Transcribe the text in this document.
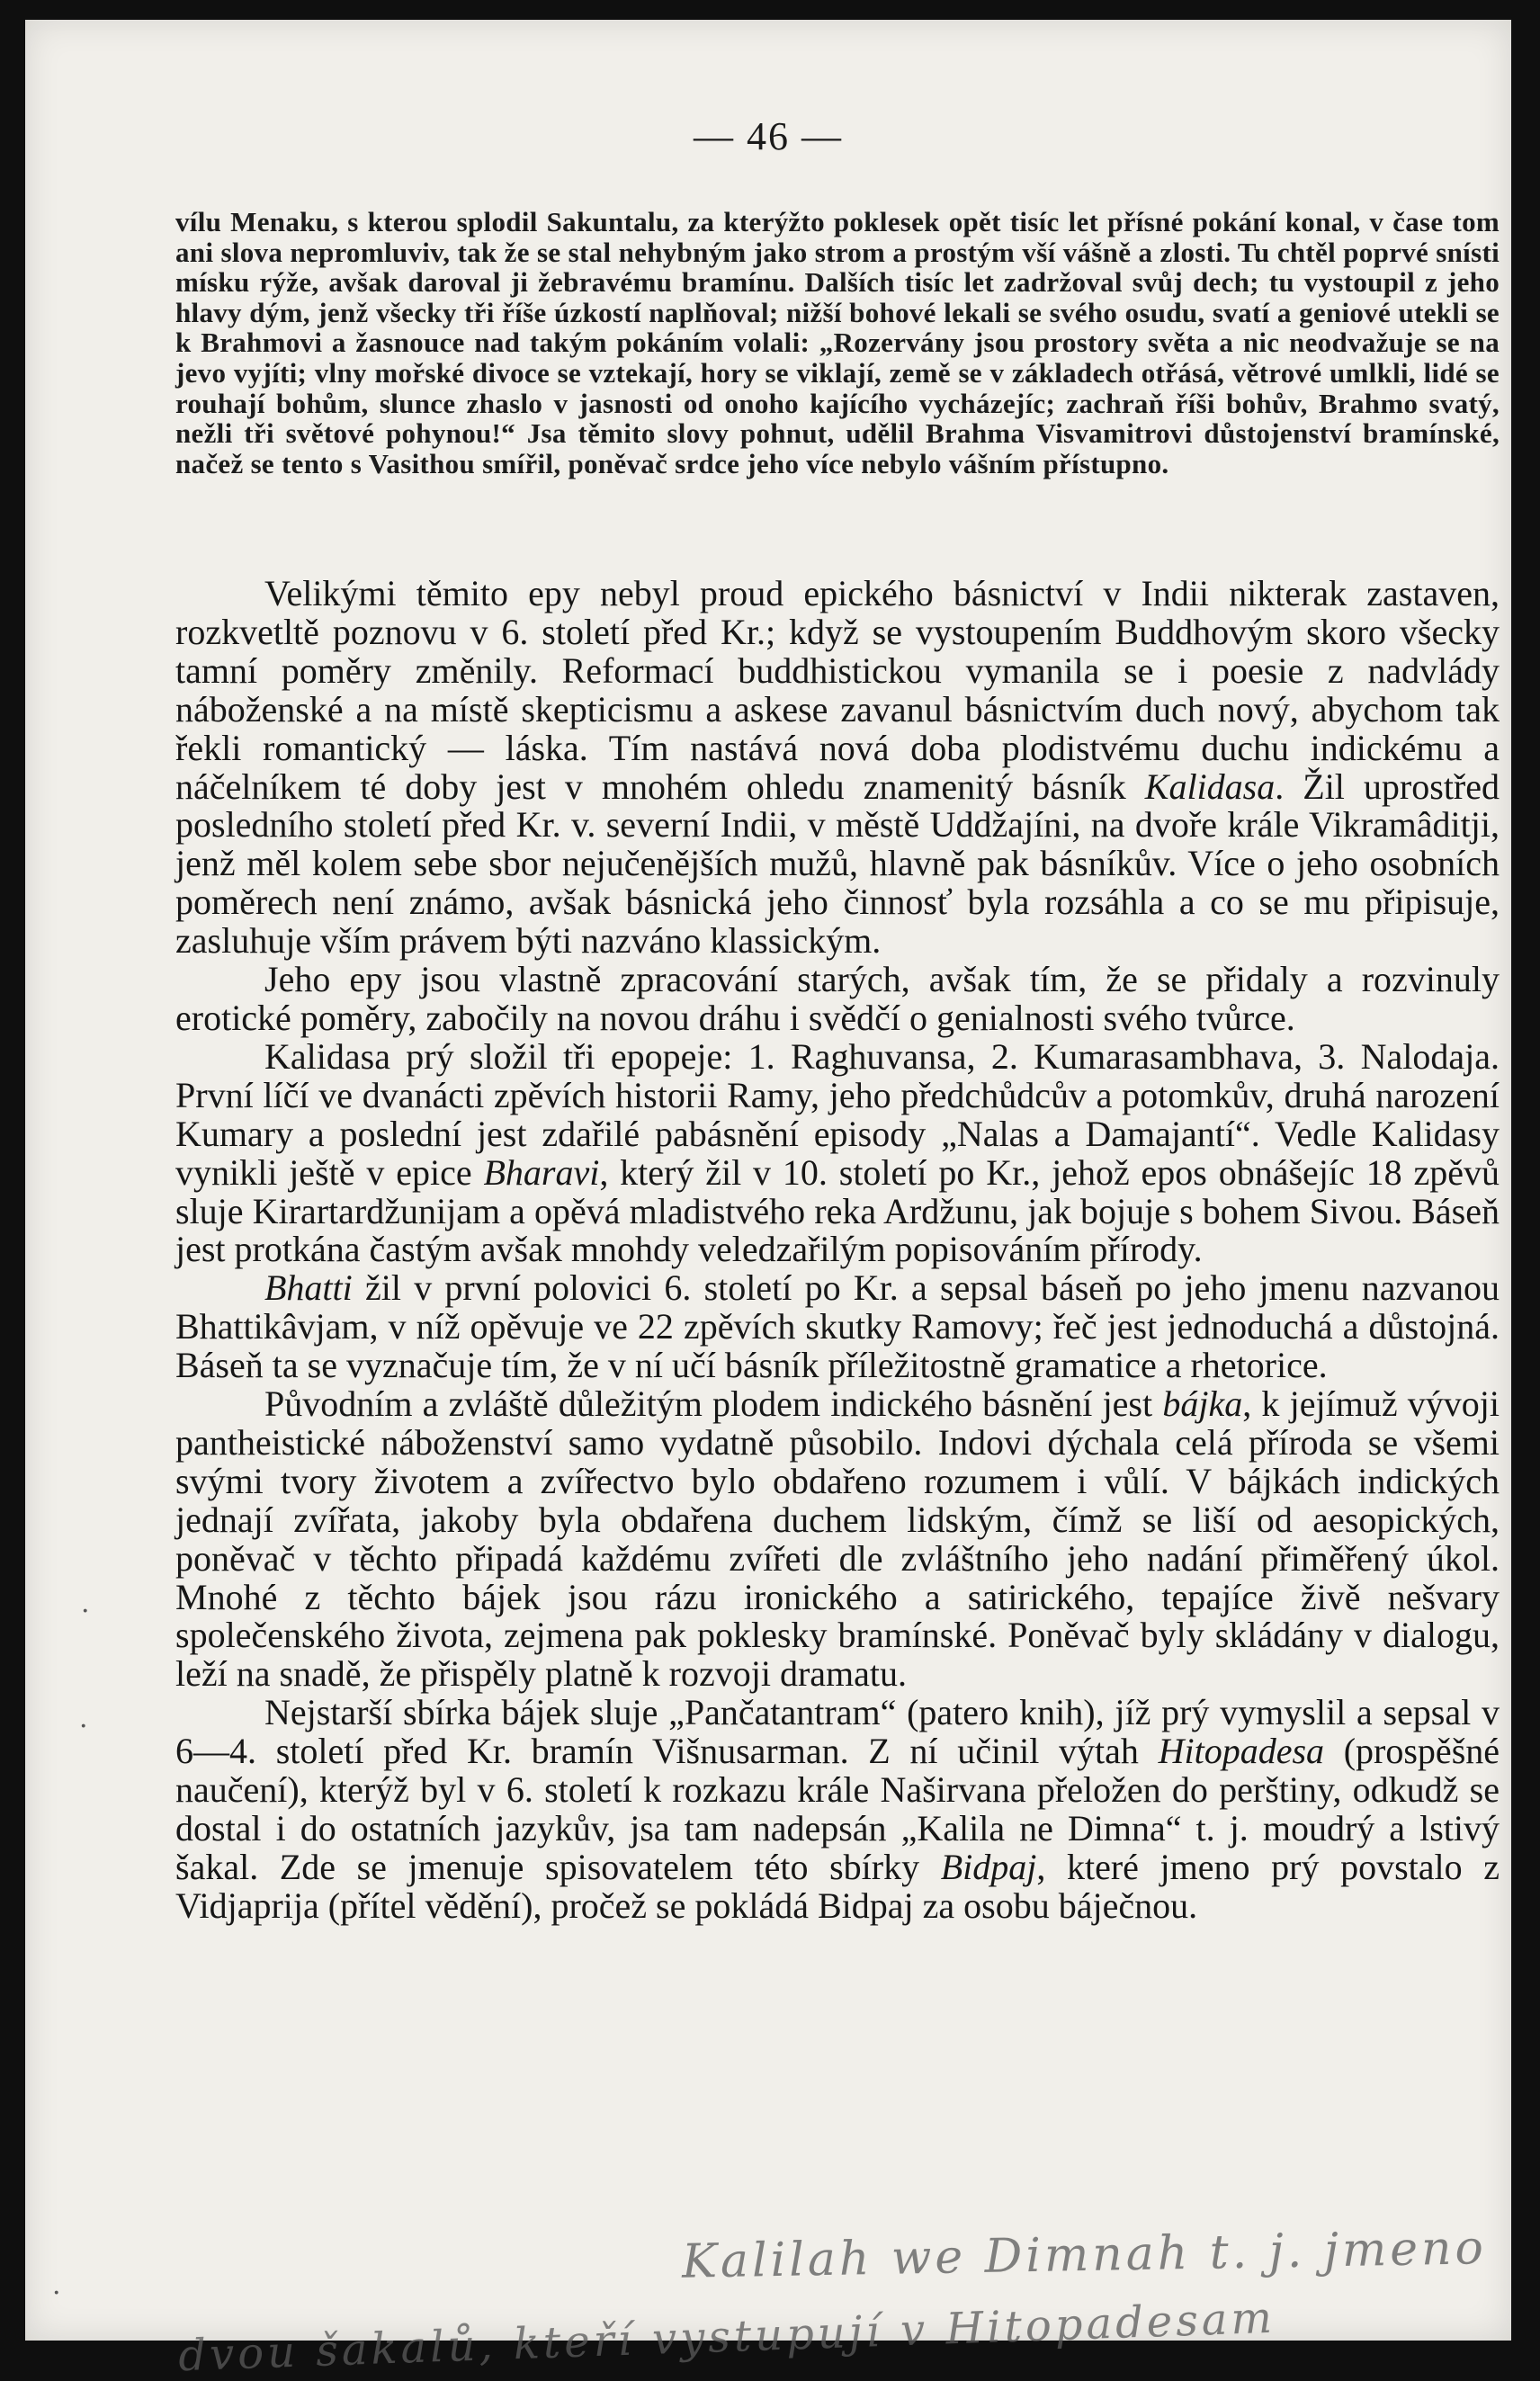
— 46 —

vílu Menaku, s kterou splodil Sakuntalu, za kterýžto poklesek opět tisíc let přísné pokání konal, v čase tom ani slova nepromluviv, tak že se stal nehybným jako strom a prostým vší vášně a zlosti. Tu chtěl poprvé snísti mísku rýže, avšak daroval ji žebravému bramínu. Dalších tisíc let zadržoval svůj dech; tu vystoupil z jeho hlavy dým, jenž všecky tři říše úzkostí naplňoval; nižší bohové lekali se svého osudu, svatí a geniové utekli se k Brahmovi a žasnouce nad takým pokáním volali: „Rozervány jsou prostory světa a nic neodvažuje se na jevo vyjíti; vlny mořské divoce se vztekají, hory se viklají, země se v základech otřásá, větrové umlkli, lidé se rouhají bohům, slunce zhaslo v jasnosti od onoho kajícího vycházejíc; zachraň říši bohův, Brahmo svatý, nežli tři světové pohynou!“ Jsa těmito slovy pohnut, udělil Brahma Visvamitrovi důstojenství bramínské, načež se tento s Vasithou smířil, poněvač srdce jeho více nebylo vášním přístupno.

Velikými těmito epy nebyl proud epického básnictví v Indii nikterak zastaven, rozkvetltě poznovu v 6. století před Kr.; když se vystoupením Buddhovým skoro všecky tamní poměry změnily. Reformací buddhistickou vymanila se i poesie z nadvlády náboženské a na místě skepticismu a askese zavanul básnictvím duch nový, abychom tak řekli romantický — láska. Tím nastává nová doba plodistvému duchu indickému a náčelníkem té doby jest v mnohém ohledu znamenitý básník Kalidasa. Žil uprostřed posledního století před Kr. v. severní Indii, v městě Uddžajíni, na dvoře krále Vikramâditji, jenž měl kolem sebe sbor nejučenějších mužů, hlavně pak básníkův. Více o jeho osobních poměrech není známo, avšak básnická jeho činnosť byla rozsáhla a co se mu připisuje, zasluhuje vším právem býti nazváno klassickým.

Jeho epy jsou vlastně zpracování starých, avšak tím, že se přidaly a rozvinuly erotické poměry, zabočily na novou dráhu i svědčí o genialnosti svého tvůrce.

Kalidasa prý složil tři epopeje: 1. Raghuvansa, 2. Kumarasambhava, 3. Nalodaja. První líčí ve dvanácti zpěvích historii Ramy, jeho předchůdcův a potomkův, druhá narození Kumary a poslední jest zdařilé pabásnění episody „Nalas a Damajantí“. Vedle Kalidasy vynikli ještě v epice Bharavi, který žil v 10. století po Kr., jehož epos obnášejíc 18 zpěvů sluje Kirartardžunijam a opěvá mladistvého reka Ardžunu, jak bojuje s bohem Sivou. Báseň jest protkána častým avšak mnohdy veledzařilým popisováním přírody.

Bhatti žil v první polovici 6. století po Kr. a sepsal báseň po jeho jmenu nazvanou Bhattikâvjam, v níž opěvuje ve 22 zpěvích skutky Ramovy; řeč jest jednoduchá a důstojná. Báseň ta se vyznačuje tím, že v ní učí básník příležitostně gramatice a rhetorice.

Původním a zvláště důležitým plodem indického básnění jest bájka, k jejímuž vývoji pantheistické náboženství samo vydatně působilo. Indovi dýchala celá příroda se všemi svými tvory životem a zvířectvo bylo obdařeno rozumem i vůlí. V bájkách indických jednají zvířata, jakoby byla obdařena duchem lidským, čímž se liší od aesopických, poněvač v těchto připadá každému zvířeti dle zvláštního jeho nadání přiměřený úkol. Mnohé z těchto bájek jsou rázu ironického a satirického, tepajíce živě nešvary společenského života, zejmena pak poklesky bramínské. Poněvač byly skládány v dialogu, leží na snadě, že přispěly platně k rozvoji dramatu.

Nejstarší sbírka bájek sluje „Pančatantram“ (patero knih), jíž prý vymyslil a sepsal v 6—4. století před Kr. bramín Višnusarman. Z ní učinil výtah Hitopadesa (prospěšné naučení), kterýž byl v 6. století k rozkazu krále Naširvana přeložen do perštiny, odkudž se dostal i do ostatních jazykův, jsa tam nadepsán „Kalila ne Dimna“ t. j. moudrý a lstivý šakal. Zde se jmenuje spisovatelem této sbírky Bidpaj, které jmeno prý povstalo z Vidjaprija (přítel vědění), pročež se pokládá Bidpaj za osobu báječnou.

Kalilah we Dimnah t. j. jmeno
dvou šakalů, kteří vystupují v Hitopadesam
·
·
·
